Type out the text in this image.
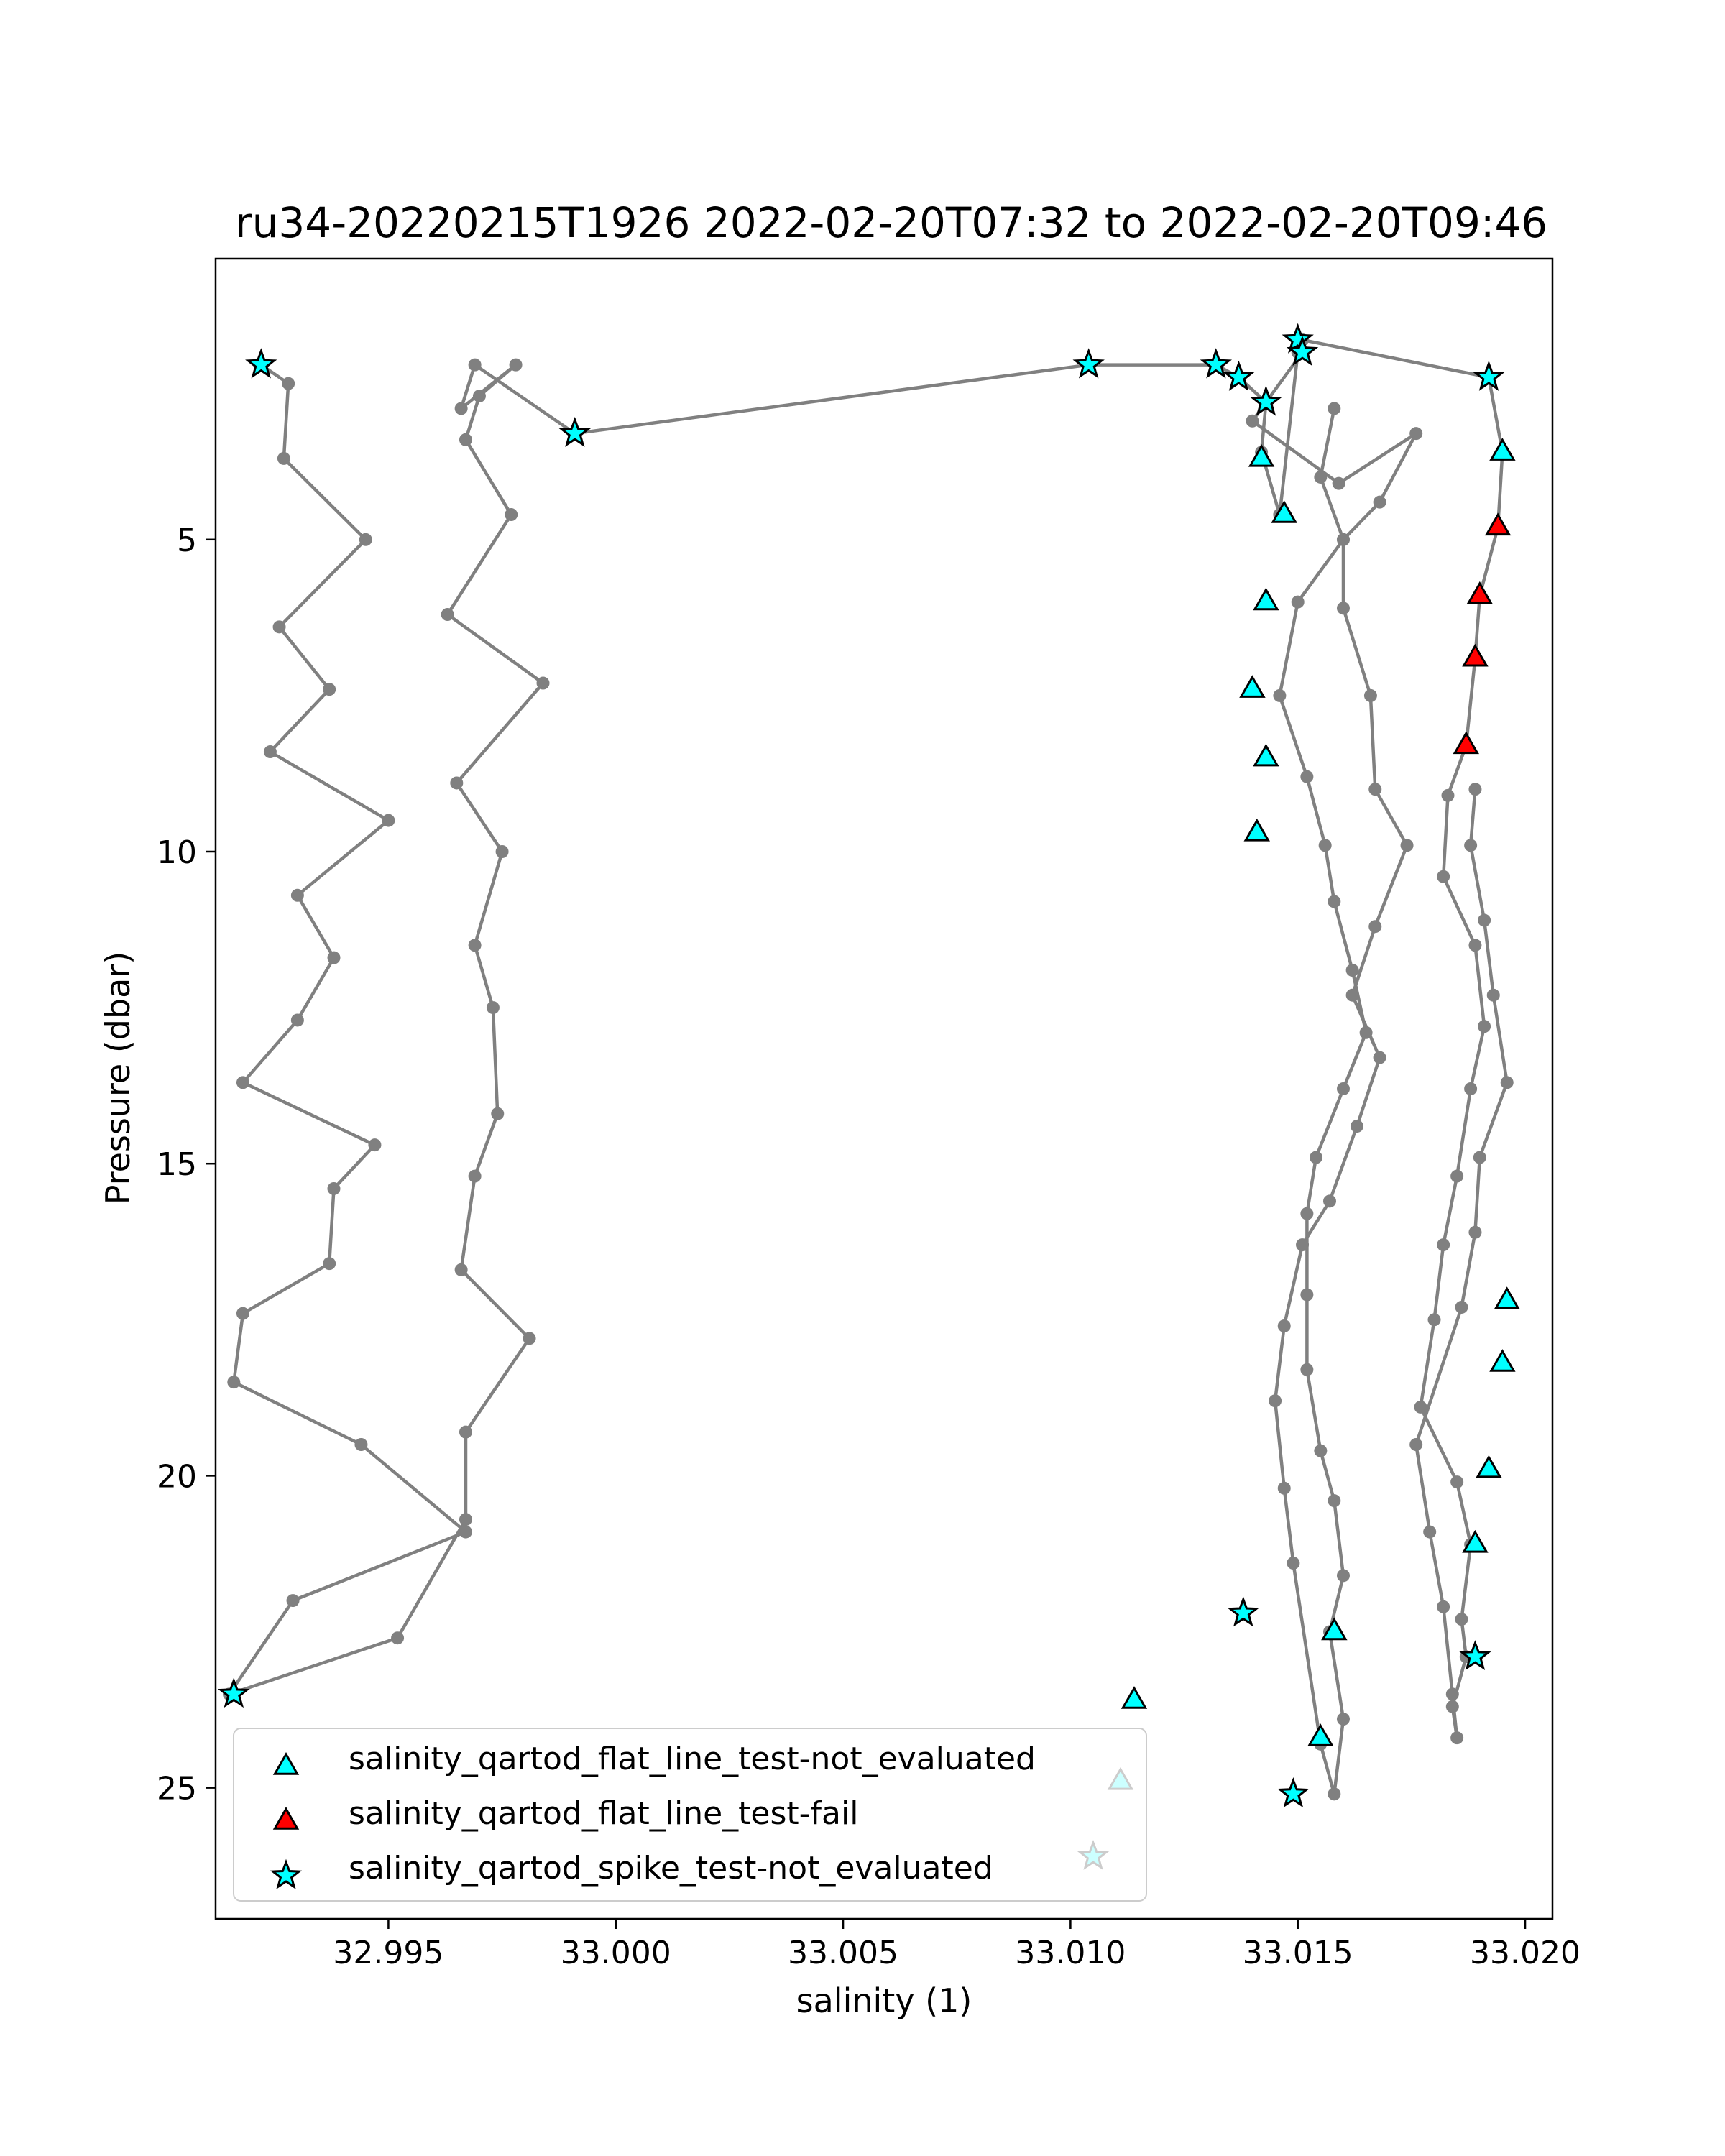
ru34-20220215T1926 2022-02-20T07:32 to 2022-02-20T09:46
32.995	33.000	33.005	33.010	33.015	33.020
5
10
15
20
25
salinity (1)
Pressure (dbar)
salinity_qartod_flat_line_test-not_evaluated
salinity_qartod_flat_line_test-fail
salinity_qartod_spike_test-not_evaluated
